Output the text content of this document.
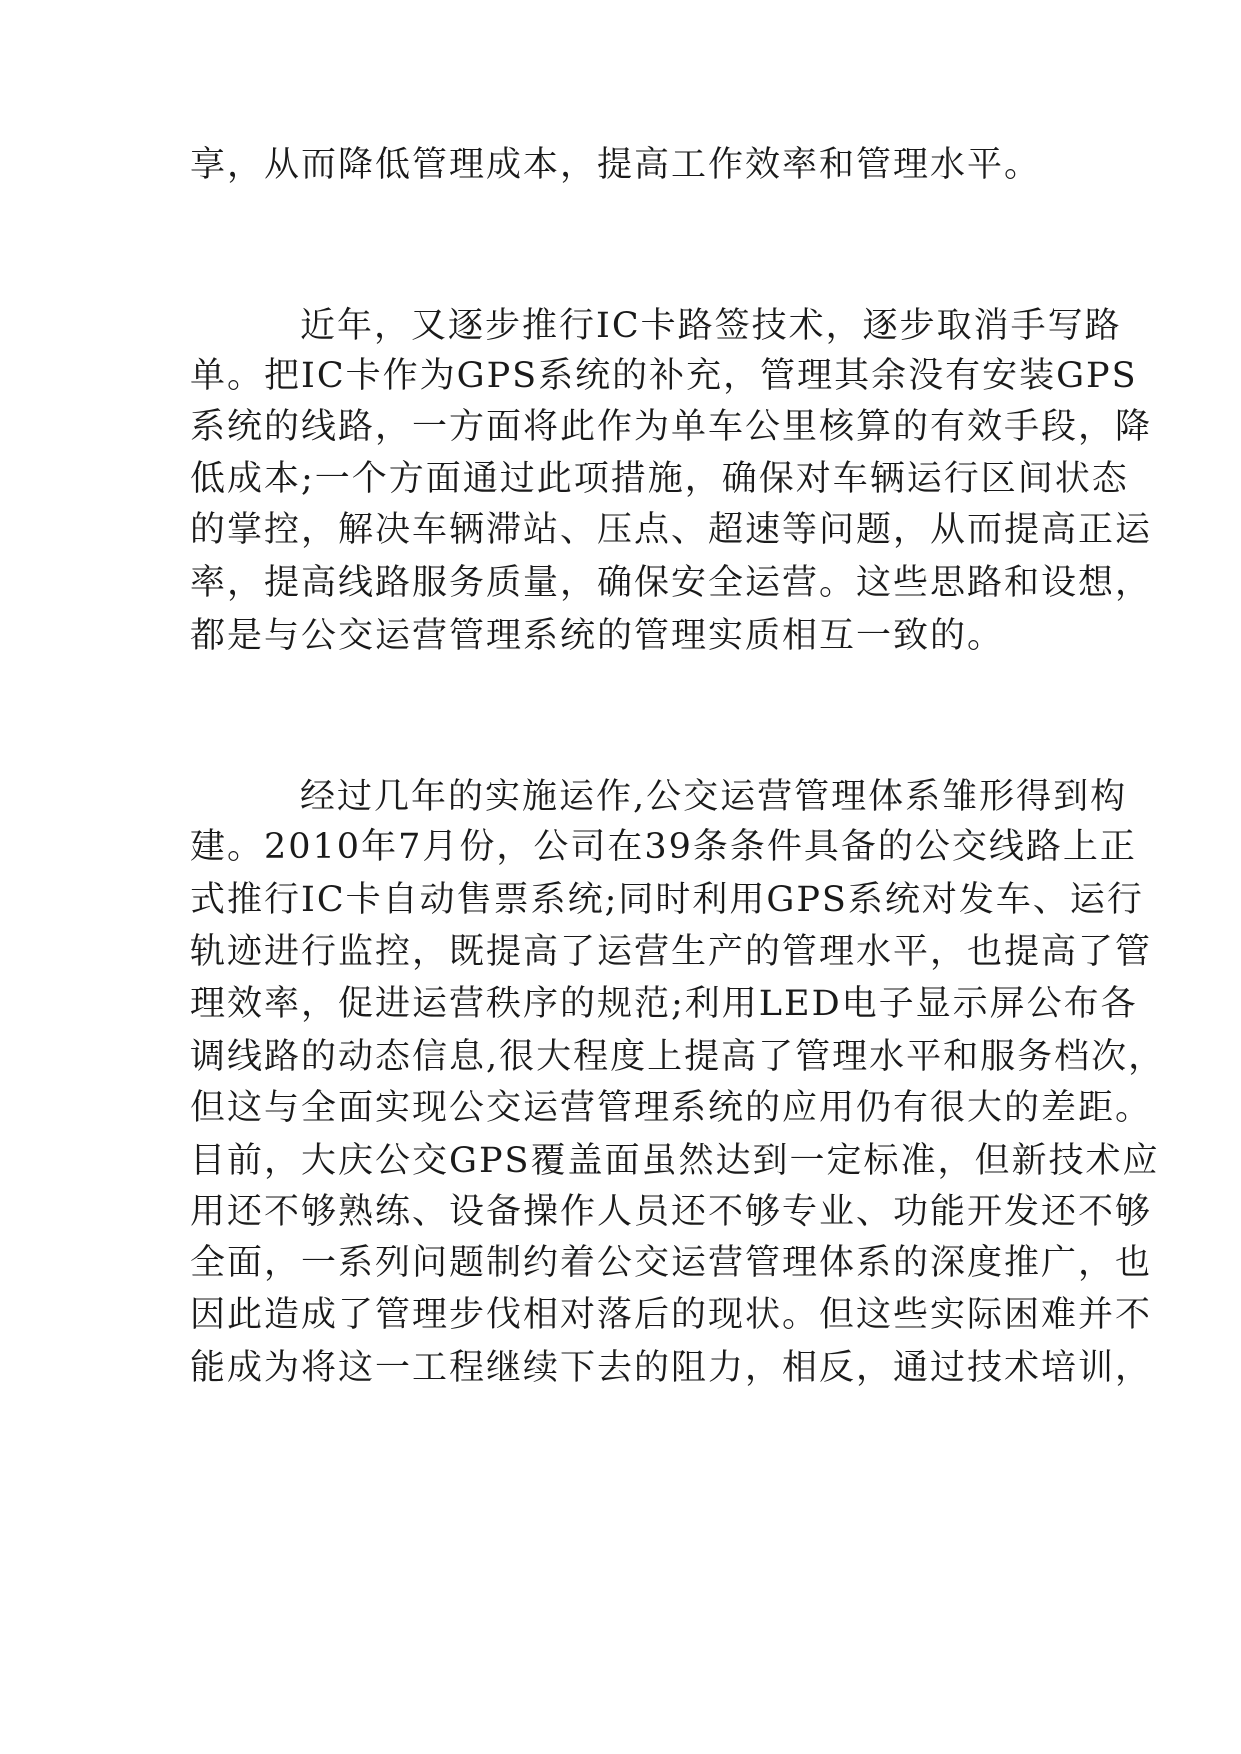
享，从而降低管理成本，提高工作效率和管理水平。
近年，又逐步推行IC卡路签技术，逐步取消手写路
单。把IC卡作为GPS系统的补充，管理其余没有安装GPS
系统的线路，一方面将此作为单车公里核算的有效手段，降
低成本;一个方面通过此项措施，确保对车辆运行区间状态
的掌控，解决车辆滞站、压点、超速等问题，从而提高正运
率，提高线路服务质量，确保安全运营。这些思路和设想，
都是与公交运营管理系统的管理实质相互一致的。
经过几年的实施运作,公交运营管理体系雏形得到构
建。2010年7月份，公司在39条条件具备的公交线路上正
式推行IC卡自动售票系统;同时利用GPS系统对发车、运行
轨迹进行监控，既提高了运营生产的管理水平，也提高了管
理效率，促进运营秩序的规范;利用LED电子显示屏公布各
调线路的动态信息,很大程度上提高了管理水平和服务档次，
但这与全面实现公交运营管理系统的应用仍有很大的差距。
目前，大庆公交GPS覆盖面虽然达到一定标准，但新技术应
用还不够熟练、设备操作人员还不够专业、功能开发还不够
全面，一系列问题制约着公交运营管理体系的深度推广，也
因此造成了管理步伐相对落后的现状。但这些实际困难并不
能成为将这一工程继续下去的阻力，相反，通过技术培训，
